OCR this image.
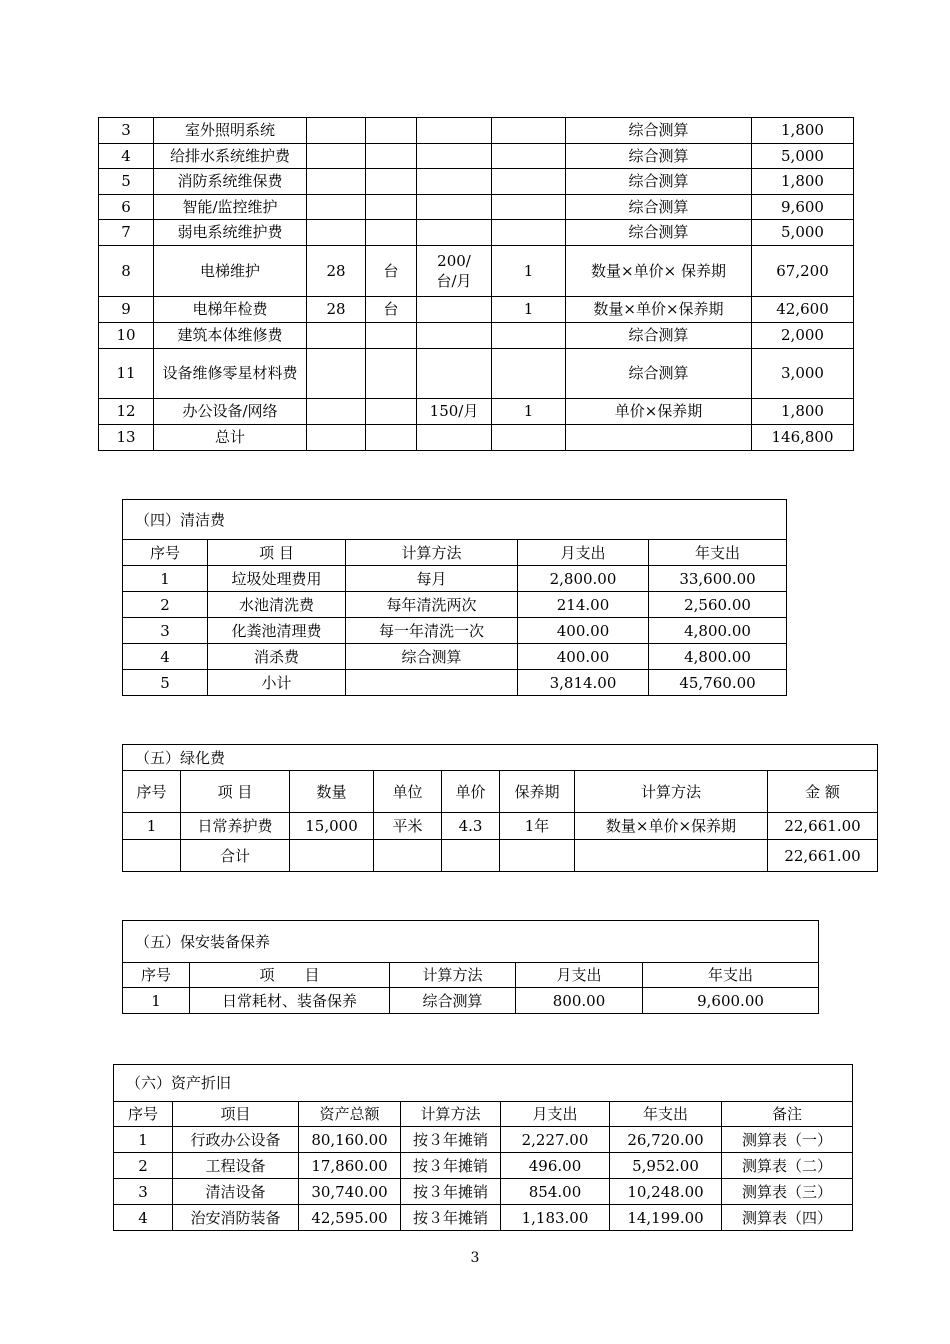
3	室外照明系统					综合测算	1,800
4	给排水系统维护费					综合测算	5,000
5	消防系统维保费					综合测算	1,800
6	智能/监控维护					综合测算	9,600
7	弱电系统维护费					综合测算	5,000
8	电梯维护	28	台	200/台/月	1	数量×单价× 保养期	67,200
9	电梯年检费	28	台		1	数量×单价×保养期	42,600
10	建筑本体维修费					综合测算	2,000
11	设备维修零星材料费					综合测算	3,000
12	办公设备/网络			150/月	1	单价×保养期	1,800
13	总计						146,800
（四）清洁费				
序号	项 目	计算方法	月支出	年支出
1	垃圾处理费用	每月	2,800.00	33,600.00
2	水池清洗费	每年清洗两次	214.00	2,560.00
3	化粪池清理费	每一年清洗一次	400.00	4,800.00
4	消杀费	综合测算	400.00	4,800.00
5	小计		3,814.00	45,760.00
（五）绿化费							
序号	项 目	数量	单位	单价	保养期	计算方法	金 额
1	日常养护费	15,000	平米	4.3	1年	数量×单价×保养期	22,661.00
	合计						22,661.00
（五）保安装备保养				
序号	项　　目	计算方法	月支出	年支出
1	日常耗材、装备保养	综合测算	800.00	9,600.00
（六）资产折旧						
序号	项目	资产总额	计算方法	月支出	年支出	备注
1	行政办公设备	80,160.00	按３年摊销	2,227.00	26,720.00	测算表（一）
2	工程设备	17,860.00	按３年摊销	496.00	5,952.00	测算表（二）
3	清洁设备	30,740.00	按３年摊销	854.00	10,248.00	测算表（三）
4	治安消防装备	42,595.00	按３年摊销	1,183.00	14,199.00	测算表（四）
3
